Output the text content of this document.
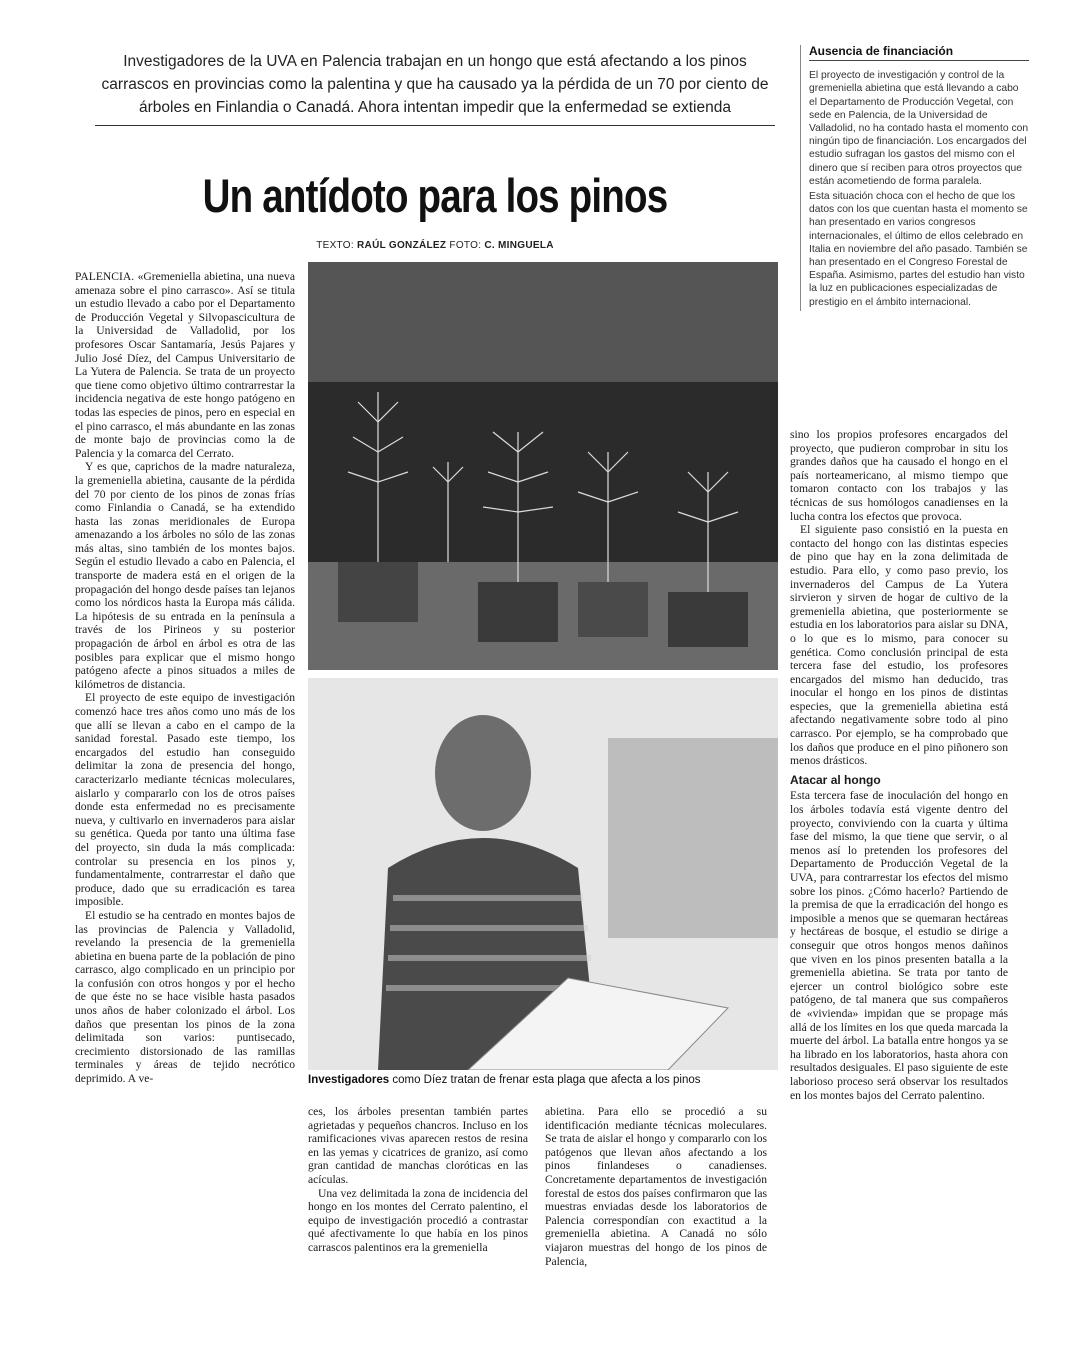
Investigadores de la UVA en Palencia trabajan en un hongo que está afectando a los pinos carrascos en provincias como la palentina y que ha causado ya la pérdida de un 70 por ciento de árboles en Finlandia o Canadá. Ahora intentan impedir que la enfermedad se extienda
Un antídoto para los pinos
TEXTO: RAÚL GONZÁLEZ FOTO: C. MINGUELA
Ausencia de financiación

El proyecto de investigación y control de la gremeniella abietina que está llevando a cabo el Departamento de Producción Vegetal, con sede en Palencia, de la Universidad de Valladolid, no ha contado hasta el momento con ningún tipo de financiación. Los encargados del estudio sufragan los gastos del mismo con el dinero que sí reciben para otros proyectos que están acometiendo de forma paralela.

Esta situación choca con el hecho de que los datos con los que cuentan hasta el momento se han presentado en varios congresos internacionales, el último de ellos celebrado en Italia en noviembre del año pasado. También se han presentado en el Congreso Forestal de España. Asimismo, partes del estudio han visto la luz en publicaciones especializadas de prestigio en el ámbito internacional.

Investigadores como Díez tratan de frenar esta plaga que afecta a los pinos

PALENCIA. «Gremeniella abietina, una nueva amenaza sobre el pino carrasco». Así se titula un estudio llevado a cabo por el Departamento de Producción Vegetal y Silvopascicultura de la Universidad de Valladolid, por los profesores Oscar Santamaría, Jesús Pajares y Julio José Díez, del Campus Universitario de La Yutera de Palencia. Se trata de un proyecto que tiene como objetivo último contrarrestar la incidencia negativa de este hongo patógeno en todas las especies de pinos, pero en especial en el pino carrasco, el más abundante en las zonas de monte bajo de provincias como la de Palencia y la comarca del Cerrato.

Y es que, caprichos de la madre naturaleza, la gremeniella abietina, causante de la pérdida del 70 por ciento de los pinos de zonas frías como Finlandia o Canadá, se ha extendido hasta las zonas meridionales de Europa amenazando a los árboles no sólo de las zonas más altas, sino también de los montes bajos. Según el estudio llevado a cabo en Palencia, el transporte de madera está en el origen de la propagación del hongo desde países tan lejanos como los nórdicos hasta la Europa más cálida. La hipótesis de su entrada en la península a través de los Pirineos y su posterior propagación de árbol en árbol es otra de las posibles para explicar que el mismo hongo patógeno afecte a pinos situados a miles de kilómetros de distancia.

El proyecto de este equipo de investigación comenzó hace tres años como uno más de los que allí se llevan a cabo en el campo de la sanidad forestal. Pasado este tiempo, los encargados del estudio han conseguido delimitar la zona de presencia del hongo, caracterizarlo mediante técnicas moleculares, aislarlo y compararlo con los de otros países donde esta enfermedad no es precisamente nueva, y cultivarlo en invernaderos para aislar su genética. Queda por tanto una última fase del proyecto, sin duda la más complicada: controlar su presencia en los pinos y, fundamentalmente, contrarrestar el daño que produce, dado que su erradicación es tarea imposible.

El estudio se ha centrado en montes bajos de las provincias de Palencia y Valladolid, revelando la presencia de la gremeniella abietina en buena parte de la población de pino carrasco, algo complicado en un principio por la confusión con otros hongos y por el hecho de que éste no se hace visible hasta pasados unos años de haber colonizado el árbol. Los daños que presentan los pinos de la zona delimitada son varios: puntisecado, crecimiento distorsionado de las ramillas terminales y áreas de tejido necrótico deprimido. A ve-

ces, los árboles presentan también partes agrietadas y pequeños chancros. Incluso en los ramificaciones vivas aparecen restos de resina en las yemas y cicatrices de granizo, así como gran cantidad de manchas cloróticas en las acículas.

Una vez delimitada la zona de incidencia del hongo en los montes del Cerrato palentino, el equipo de investigación procedió a contrastar qué afectivamente lo que había en los pinos carrascos palentinos era la gremeniella

abietina. Para ello se procedió a su identificación mediante técnicas moleculares. Se trata de aislar el hongo y compararlo con los patógenos que llevan años afectando a los pinos finlandeses o canadienses. Concretamente departamentos de investigación forestal de estos dos países confirmaron que las muestras enviadas desde los laboratorios de Palencia correspondían con exactitud a la gremeniella abietina. A Canadá no sólo viajaron muestras del hongo de los pinos de Palencia,

sino los propios profesores encargados del proyecto, que pudieron comprobar in situ los grandes daños que ha causado el hongo en el país norteamericano, al mismo tiempo que tomaron contacto con los trabajos y las técnicas de sus homólogos canadienses en la lucha contra los efectos que provoca.

El siguiente paso consistió en la puesta en contacto del hongo con las distintas especies de pino que hay en la zona delimitada de estudio. Para ello, y como paso previo, los invernaderos del Campus de La Yutera sirvieron y sirven de hogar de cultivo de la gremeniella abietina, que posteriormente se estudia en los laboratorios para aislar su DNA, o lo que es lo mismo, para conocer su genética. Como conclusión principal de esta tercera fase del estudio, los profesores encargados del mismo han deducido, tras inocular el hongo en los pinos de distintas especies, que la gremeniella abietina está afectando negativamente sobre todo al pino carrasco. Por ejemplo, se ha comprobado que los daños que produce en el pino piñonero son menos drásticos.

Atacar al hongo

Esta tercera fase de inoculación del hongo en los árboles todavía está vigente dentro del proyecto, conviviendo con la cuarta y última fase del mismo, la que tiene que servir, o al menos así lo pretenden los profesores del Departamento de Producción Vegetal de la UVA, para contrarrestar los efectos del mismo sobre los pinos. ¿Cómo hacerlo? Partiendo de la premisa de que la erradicación del hongo es imposible a menos que se quemaran hectáreas y hectáreas de bosque, el estudio se dirige a conseguir que otros hongos menos dañinos que viven en los pinos presenten batalla a la gremeniella abietina. Se trata por tanto de ejercer un control biológico sobre este patógeno, de tal manera que sus compañeros de «vivienda» impidan que se propage más allá de los límites en los que queda marcada la muerte del árbol. La batalla entre hongos ya se ha librado en los laboratorios, hasta ahora con resultados desiguales. El paso siguiente de este laborioso proceso será observar los resultados en los montes bajos del Cerrato palentino.
